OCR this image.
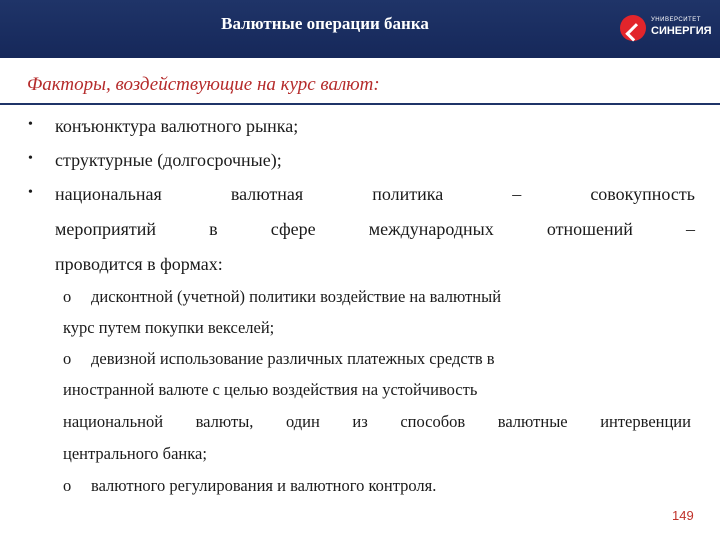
Валютные операции банка	УНИВЕРСИТЕТ
СИНЕРГИЯ
Факторы, воздействующие на курс валют:
• конъюнктура валютного рынка;
• структурные (долгосрочные);
• национальная	валютная	политика	–	совокупность
мероприятий	в	сфере	международных	отношений	–
проводится в формах:
o дисконтной (учетной) политики воздействие на валютный
курс путем покупки векселей;
o девизной использование различных платежных средств в
иностранной валюте с целью воздействия на устойчивость
национальной валюты, один из способов валютные интервенции
центрального банка;
o валютного регулирования и валютного контроля.
149
